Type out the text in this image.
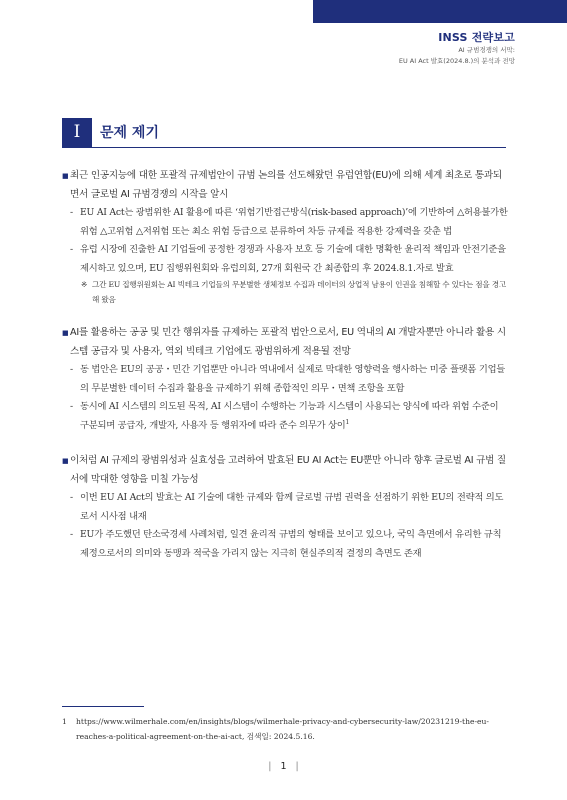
INSS 전략보고
AI 규범경쟁의 서막:
EU AI Act 발효(2024.8.)의 분석과 전망
I	문제 제기
■ 최근 인공지능에 대한 포괄적 규제법안이 규범 논의를 선도해왔던 유럽연합(EU)에 의해 세계 최초로 통과되면서 글로벌 AI 규범경쟁의 시작을 알시
- EU AI Act는 광범위한 AI 활용에 따른 ‘위험기반접근방식(risk-based approach)’에 기반하여 △허용불가한 위험 △고위험 △저위험 또는 최소 위험 등급으로 분류하여 차등 규제를 적용한 강제력을 갖춘 법
- 유럽 시장에 진출한 AI 기업들에 공정한 경쟁과 사용자 보호 등 기술에 대한 명확한 윤리적 책임과 안전기준을 제시하고 있으며, EU 집행위원회와 유럽의회, 27개 회원국 간 최종합의 후 2024.8.1.자로 발효
※ 그간 EU 집행위원회는 AI 빅테크 기업들의 무분별한 생체정보 수집과 데이터의 상업적 남용이 인권을 침해할 수 있다는 점을 경고해 왔음
■ AI를 활용하는 공공 및 민간 행위자를 규제하는 포괄적 법안으로서, EU 역내의 AI 개발자뿐만 아니라 활용 시스템 공급자 및 사용자, 역외 빅테크 기업에도 광범위하게 적용될 전망
- 동 법안은 EU의 공공・민간 기업뿐만 아니라 역내에서 실제로 막대한 영향력을 행사하는 미중 플랫폼 기업들의 무분별한 데이터 수집과 활용을 규제하기 위해 종합적인 의무・면책 조항을 포함
- 동시에 AI 시스템의 의도된 목적, AI 시스템이 수행하는 기능과 시스템이 사용되는 양식에 따라 위험 수준이 구분되며 공급자, 개발자, 사용자 등 행위자에 따라 준수 의무가 상이$^1$
■ 이처럼 AI 규제의 광범위성과 실효성을 고려하여 발효된 EU AI Act는 EU뿐만 아니라 향후 글로벌 AI 규범 질서에 막대한 영향을 미칠 가능성
- 이번 EU AI Act의 발효는 AI 기술에 대한 규제와 함께 글로벌 규범 권력을 선점하기 위한 EU의 전략적 의도로서 시사점 내재
- EU가 주도했던 탄소국경세 사례처럼, 일견 윤리적 규범의 형태를 보이고 있으나, 국익 측면에서 유리한 규칙 제정으로서의 의미와 동맹과 적국을 가리지 않는 지극히 현실주의적 결정의 측면도 존재
1 https://www.wilmerhale.com/en/insights/blogs/wilmerhale-privacy-and-cybersecurity-law/20231219-the-eu-reaches-a-political-agreement-on-the-ai-act, 검색일: 2024.5.16.
| 1 |
